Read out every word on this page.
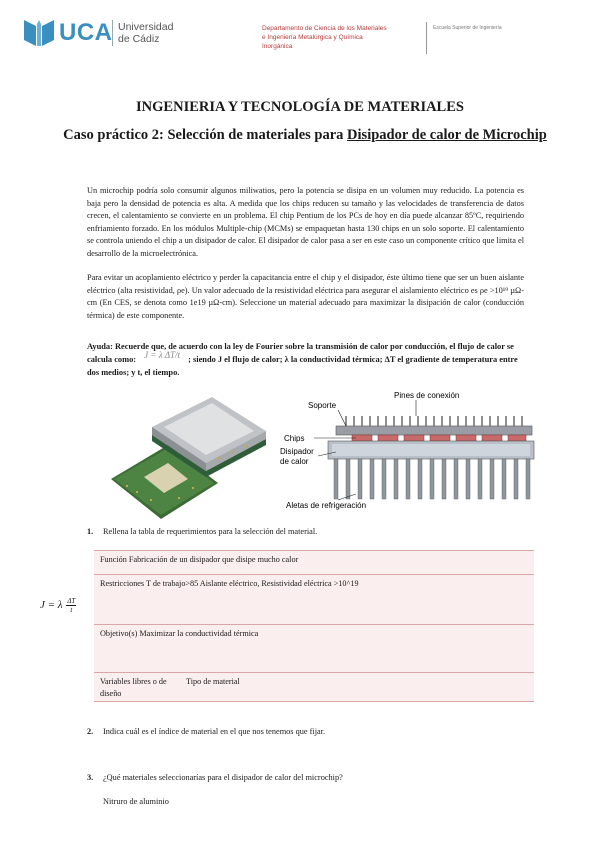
UCA Universidad
de Cádiz
Departamento de Ciencia de los Materiales
e Ingeniería Metalúrgica y Química
Inorgánica
Escuela Superior de Ingeniería
INGENIERIA Y TECNOLOGÍA DE MATERIALES
Caso práctico 2: Selección de materiales para Disipador de calor de Microchip
Un microchip podría solo consumir algunos miliwatios, pero la potencia se disipa en un volumen muy reducido. La potencia es baja pero la densidad de potencia es alta. A medida que los chips reducen su tamaño y las velocidades de transferencia de datos crecen, el calentamiento se convierte en un problema. El chip Pentium de los PCs de hoy en día puede alcanzar 85ºC, requiriendo enfriamiento forzado. En los módulos Multiple-chip (MCMs) se empaquetan hasta 130 chips en un solo soporte. El calentamiento se controla uniendo el chip a un disipador de calor. El disipador de calor pasa a ser en este caso un componente crítico que limita el desarrollo de la microelectrónica.
Para evitar un acoplamiento eléctrico y perder la capacitancia entre el chip y el disipador, éste último tiene que ser un buen aislante eléctrico (alta resistividad, ρe). Un valor adecuado de la resistividad eléctrica para asegurar el aislamiento eléctrico es ρe >10¹⁹ µΩ-cm (En CES, se denota como 1e19 µΩ-cm). Seleccione un material adecuado para maximizar la disipación de calor (conducción térmica) de este componente.
Ayuda: Recuerde que, de acuerdo con la ley de Fourier sobre la transmisión de calor por conducción, el flujo de calor se calcula como: J = λ ΔT/t ; siendo J el flujo de calor; λ la conductividad térmica; ΔT el gradiente de temperatura entre dos medios; y t, el tiempo.
Soporte
Pines de conexión
Chips
Disipador
de calor
Aletas de refrigeración
1. Rellena la tabla de requerimientos para la selección del material.
J = λ $\frac{\Delta T}{t}$
Función Fabricación de un disipador que disipe mucho calor
Restricciones T de trabajo>85 Aislante eléctrico, Resistividad eléctrica >10^19
Objetivo(s) Maximizar la conductividad térmica
Variables libres o de Tipo de material
diseño
2. Indica cuál es el índice de material en el que nos tenemos que fijar.
3. ¿Qué materiales seleccionarías para el disipador de calor del microchip?
Nitruro de aluminio
